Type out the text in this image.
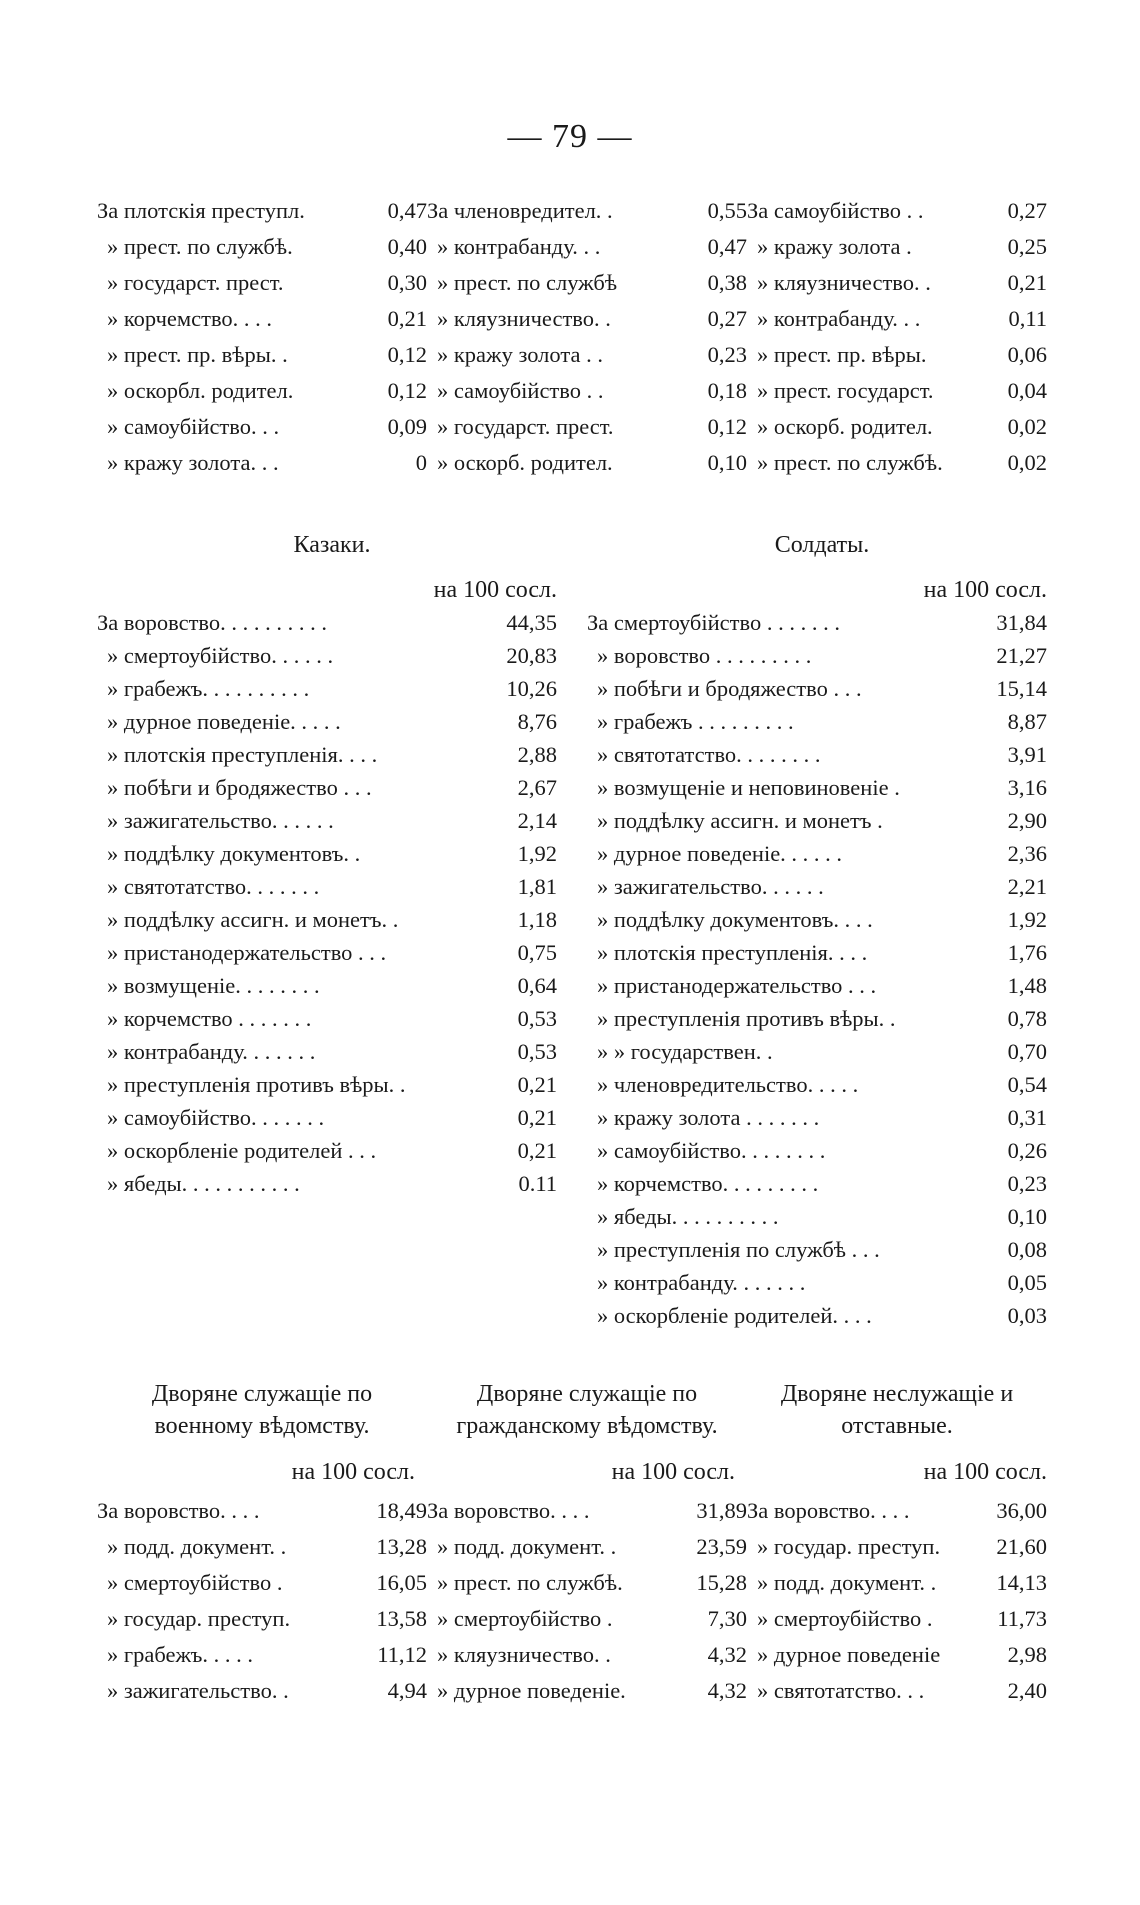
— 79 —
За плотскія преступл.	0,47
» прест. по службѣ.	0,40
» государст. прест.	0,30
» корчемство. . . .	0,21
» прест. пр. вѣры. .	0,12
» оскорбл. родител.	0,12
» самоубійство. . .	0,09
» кражу золота. . .	0
За членовредител. .	0,55
» контрабанду. . .	0,47
» прест. по службѣ	0,38
» кляузничество. .	0,27
» кражу золота . .	0,23
» самоубійство . .	0,18
» государст. прест.	0,12
» оскорб. родител.	0,10
За самоубійство . .	0,27
» кражу золота .	0,25
» кляузничество. .	0,21
» контрабанду. . .	0,11
» прест. пр. вѣры.	0,06
» прест. государст.	0,04
» оскорб. родител.	0,02
» прест. по службѣ.	0,02
Казаки.
на 100 сосл.
За воровство. . . . . . . . . .	44,35
» смертоубійство. . . . . .	20,83
» грабежъ. . . . . . . . . .	10,26
» дурное поведеніе. . . . .	8,76
» плотскія преступленія. . . .	2,88
» побѣги и бродяжество . . .	2,67
» зажигательство. . . . . .	2,14
» поддѣлку документовъ. .	1,92
» святотатство. . . . . . .	1,81
» поддѣлку ассигн. и монетъ. .	1,18
» пристанодержательство . . .	0,75
» возмущеніе. . . . . . . .	0,64
» корчемство . . . . . . .	0,53
» контрабанду. . . . . . .	0,53
» преступленія противъ вѣры. .	0,21
» самоубійство. . . . . . .	0,21
» оскорбленіе родителей . . .	0,21
» ябеды. . . . . . . . . . .	0.11
Солдаты.
на 100 сосл.
За смертоубійство . . . . . . .	31,84
» воровство . . . . . . . . .	21,27
» побѣги и бродяжество . . .	15,14
» грабежъ . . . . . . . . .	8,87
» святотатство. . . . . . . .	3,91
» возмущеніе и неповиновеніе .	3,16
» поддѣлку ассигн. и монетъ .	2,90
» дурное поведеніе. . . . . .	2,36
» зажигательство. . . . . .	2,21
» поддѣлку документовъ. . . .	1,92
» плотскія преступленія. . . .	1,76
» пристанодержательство . . .	1,48
» преступленія противъ вѣры. .	0,78
» » государствен. .	0,70
» членовредительство. . . . .	0,54
» кражу золота . . . . . . .	0,31
» самоубійство. . . . . . . .	0,26
» корчемство. . . . . . . . .	0,23
» ябеды. . . . . . . . . .	0,10
» преступленія по службѣ . . .	0,08
» контрабанду. . . . . . .	0,05
» оскорбленіе родителей. . . .	0,03
Дворяне служащіе по военному вѣдомству.
на 100 сосл.
За воровство. . . .	18,49
» подд. документ. .	13,28
» смертоубійство .	16,05
» государ. преступ.	13,58
» грабежъ. . . . .	11,12
» зажигательство. .	4,94
Дворяне служащіе по гражданскому вѣдомству.
на 100 сосл.
За воровство. . . .	31,89
» подд. документ. .	23,59
» прест. по службѣ.	15,28
» смертоубійство .	7,30
» кляузничество. .	4,32
» дурное поведеніе.	4,32
Дворяне неслужащіе и отставные.
на 100 сосл.
За воровство. . . .	36,00
» государ. преступ.	21,60
» подд. документ. .	14,13
» смертоубійство .	11,73
» дурное поведеніе	2,98
» святотатство. . .	2,40
